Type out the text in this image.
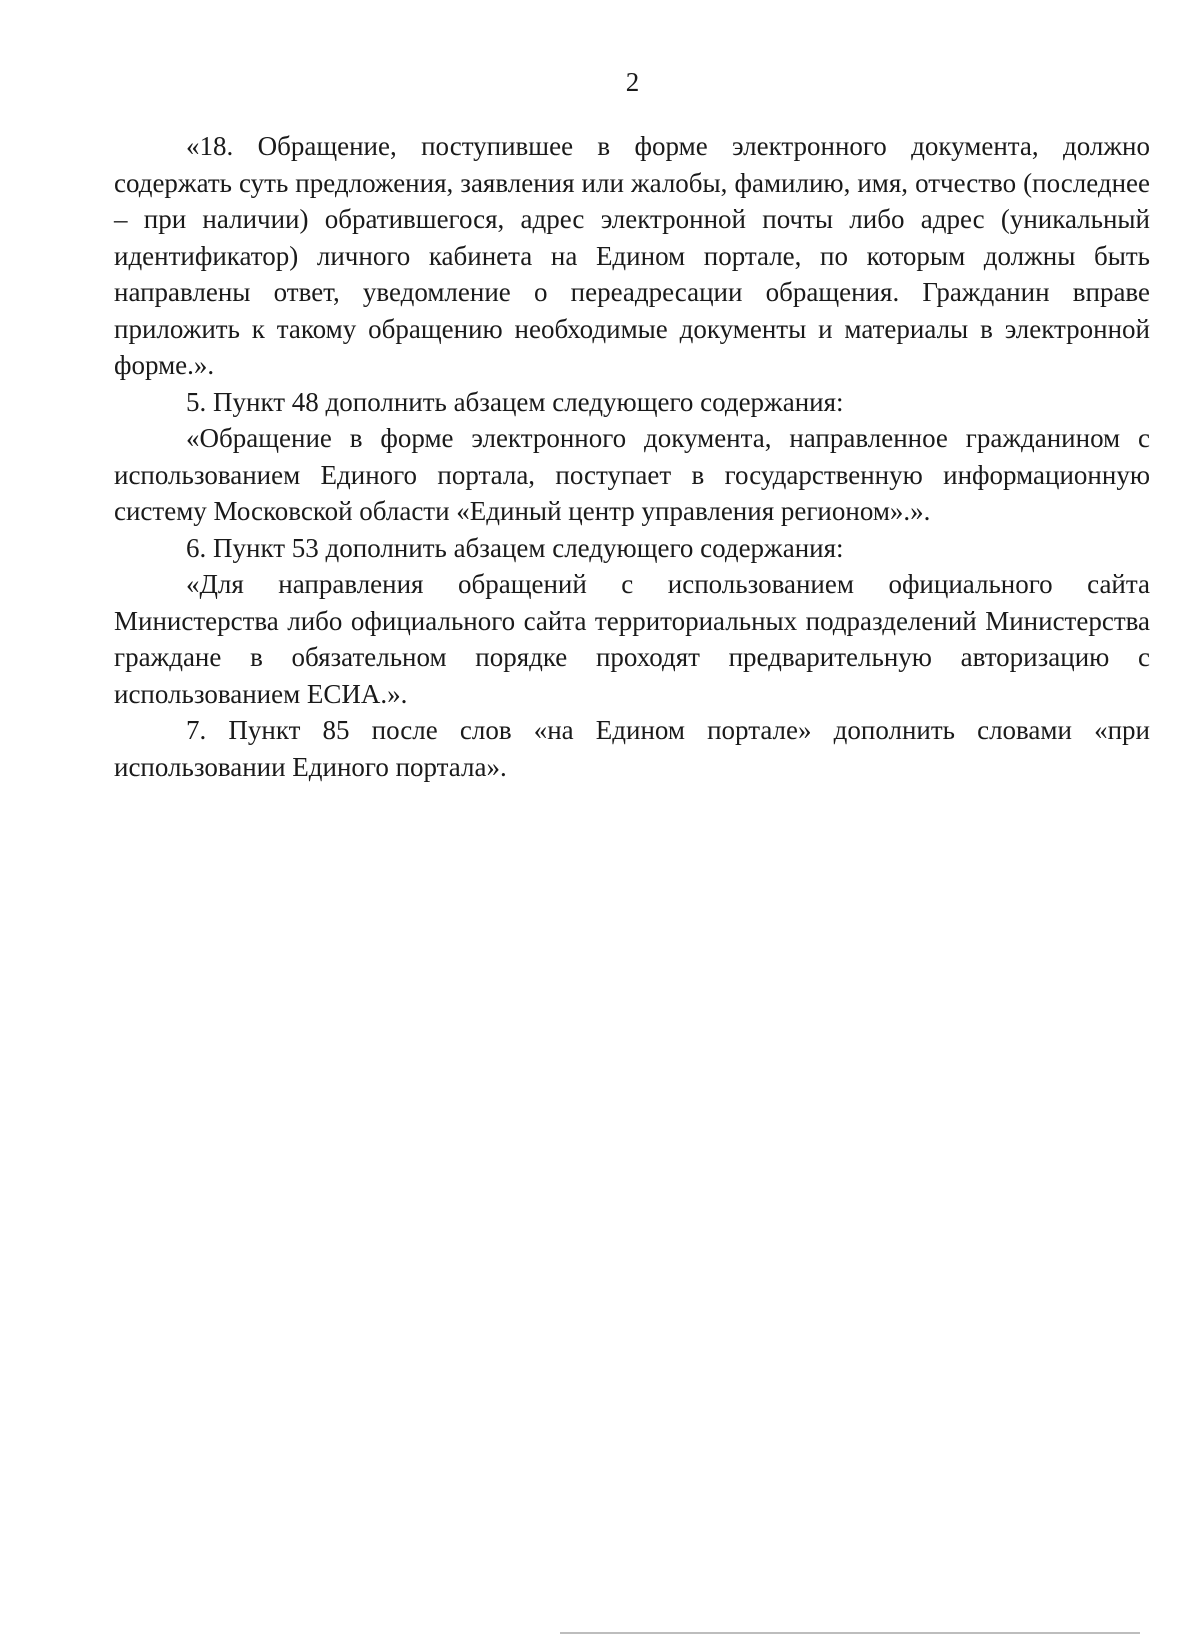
2

«18. Обращение, поступившее в форме электронного документа, должно содержать суть предложения, заявления или жалобы, фамилию, имя, отчество (последнее – при наличии) обратившегося, адрес электронной почты либо адрес (уникальный идентификатор) личного кабинета на Едином портале, по которым должны быть направлены ответ, уведомление о переадресации обращения. Гражданин вправе приложить к такому обращению необходимые документы и материалы в электронной форме.».

5. Пункт 48 дополнить абзацем следующего содержания:

«Обращение в форме электронного документа, направленное гражданином с использованием Единого портала, поступает в государственную информационную систему Московской области «Единый центр управления регионом».».

6. Пункт 53 дополнить абзацем следующего содержания:

«Для направления обращений с использованием официального сайта Министерства либо официального сайта территориальных подразделений Министерства граждане в обязательном порядке проходят предварительную авторизацию с использованием ЕСИА.».

7. Пункт 85 после слов «на Едином портале» дополнить словами «при использовании Единого портала».
